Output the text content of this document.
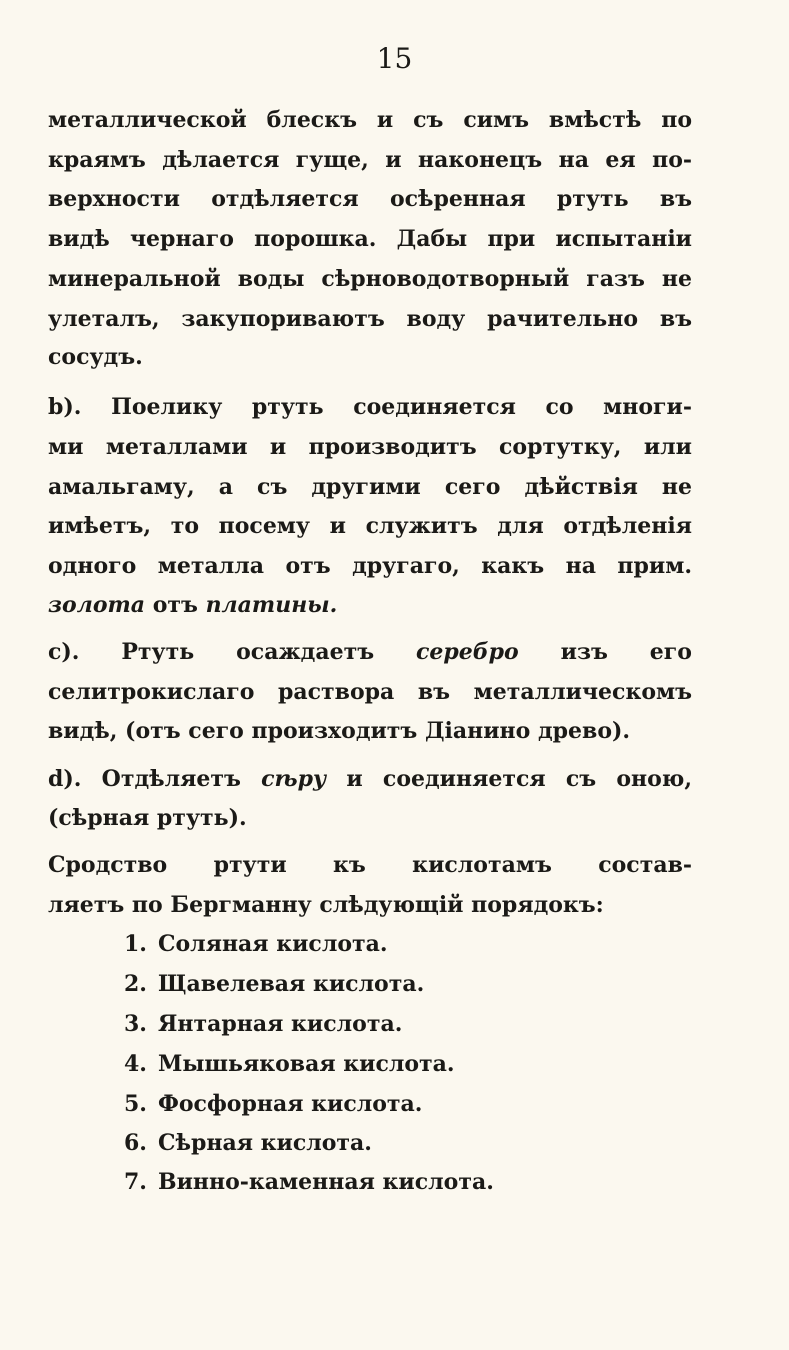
15
металлической блескъ и съ симъ вмѣстѣ по
краямъ дѣлается гуще, и наконецъ на ея по-
верхности отдѣляется осѣренная ртуть въ
видѣ чернаго порошка. Дабы при испытаніи
минеральной воды сѣрноводотворный газъ не
улеталъ, закупориваютъ воду рачительно въ
сосудъ.
b). Поелику ртуть соединяется со многи-
ми металлами и производитъ сортутку, или
амальгаму, а съ другими сего дѣйствія не
имѣетъ, то посему и служитъ для отдѣленія
одного металла отъ другаго, какъ на прим.
золота отъ платины.
c). Ртуть осаждаетъ серебро изъ его
селитрокислаго раствора въ металлическомъ
видѣ, (отъ сего произходитъ Діанино древо).
d). Отдѣляетъ сѣру и соединяется съ оною,
(сѣрная ртуть).
Сродство ртути къ кислотамъ состав-
ляетъ по Бергманну слѣдующій порядокъ:
1. Соляная кислота.
2. Щавелевая кислота.
3. Янтарная кислота.
4. Мышьяковая кислота.
5. Фосфорная кислота.
6. Сѣрная кислота.
7. Винно-каменная кислота.
